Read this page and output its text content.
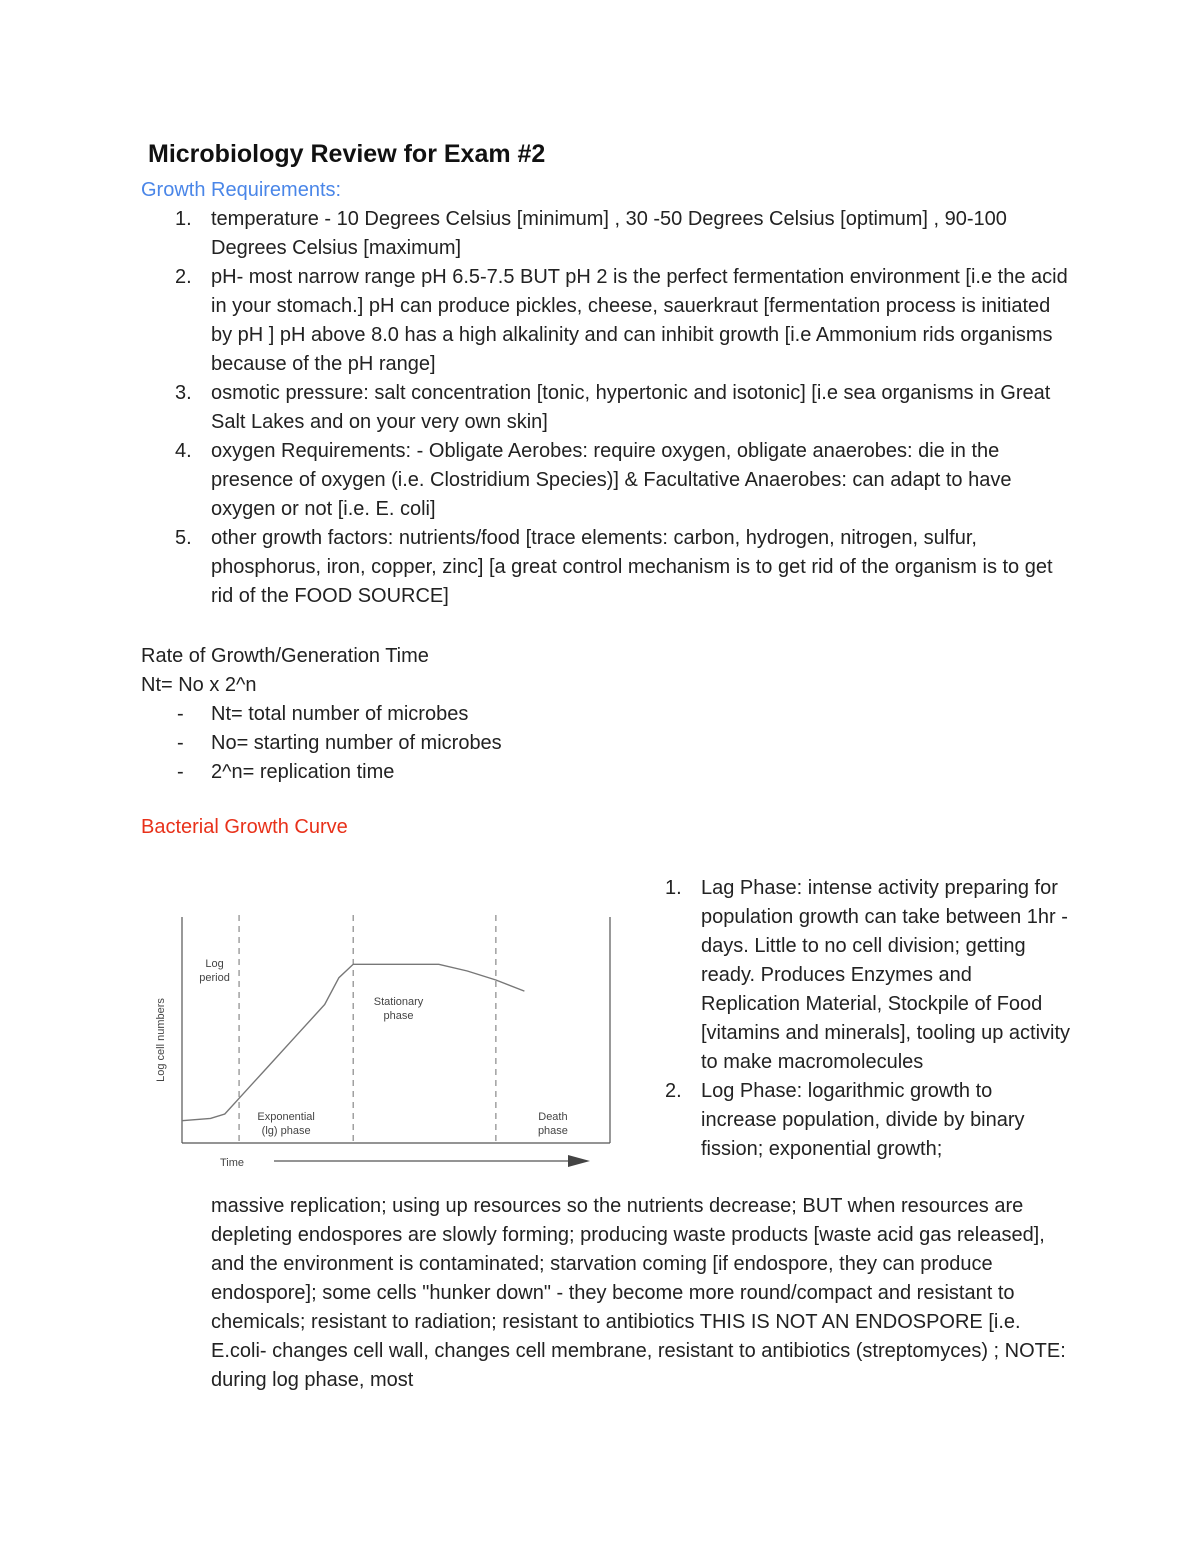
Microbiology Review for Exam #2
Growth Requirements:
1. temperature - 10 Degrees Celsius [minimum] , 30 -50 Degrees Celsius [optimum] , 90-100 Degrees Celsius [maximum]
2. pH- most narrow range pH 6.5-7.5 BUT pH 2 is the perfect fermentation environment [i.e the acid in your stomach.] pH can produce pickles, cheese, sauerkraut [fermentation process is initiated by pH ] pH above 8.0 has a high alkalinity and can inhibit growth [i.e Ammonium rids organisms because of the pH range]
3. osmotic pressure: salt concentration [tonic, hypertonic and isotonic] [i.e sea organisms in Great Salt Lakes and on your very own skin]
4. oxygen Requirements: - Obligate Aerobes: require oxygen, obligate anaerobes: die in the presence of oxygen (i.e. Clostridium Species)] & Facultative Anaerobes: can adapt to have oxygen or not [i.e. E. coli]
5. other growth factors: nutrients/food [trace elements: carbon, hydrogen, nitrogen, sulfur, phosphorus, iron, copper, zinc] [a great control mechanism is to get rid of the organism is to get rid of the FOOD SOURCE]
Rate of Growth/Generation Time
Nt= No x 2^n
- Nt= total number of microbes
- No= starting number of microbes
- 2^n= replication time
Bacterial Growth Curve
Log
period
Exponential
(lg) phase
Stationary
phase
Death
phase
Log cell numbers
Time
1. Lag Phase: intense activity preparing for population growth can take between 1hr -days. Little to no cell division; getting ready. Produces Enzymes and Replication Material, Stockpile of Food [vitamins and minerals], tooling up activity to make macromolecules
2. Log Phase: logarithmic growth to increase population, divide by binary fission; exponential growth;
massive replication; using up resources so the nutrients decrease; BUT when resources are depleting endospores are slowly forming; producing waste products [waste acid gas released], and the environment is contaminated; starvation coming [if endospore, they can produce endospore]; some cells "hunker down" - they become more round/compact and resistant to chemicals; resistant to radiation; resistant to antibiotics THIS IS NOT AN ENDOSPORE [i.e. E.coli- changes cell wall, changes cell membrane, resistant to antibiotics (streptomyces) ; NOTE: during log phase, most
